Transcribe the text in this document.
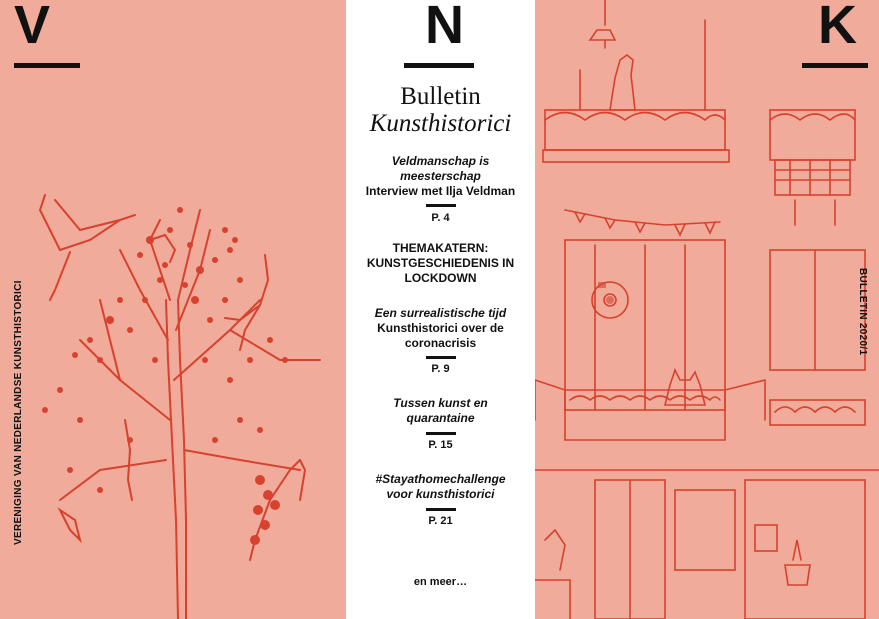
V
VERENIGING VAN NEDERLANDSE KUNSTHISTORICI
N
Bulletin
Kunsthistorici
Veldmanschap is meesterschap
Interview met Ilja Veldman
P. 4
THEMAKATERN: KUNSTGESCHIEDENIS IN LOCKDOWN
Een surrealistische tijd
Kunsthistorici over de coronacrisis
P. 9
Tussen kunst en quarantaine
P. 15
#Stayathomechallenge voor kunsthistorici
P. 21
en meer…
K
BULLETIN 2020/1
